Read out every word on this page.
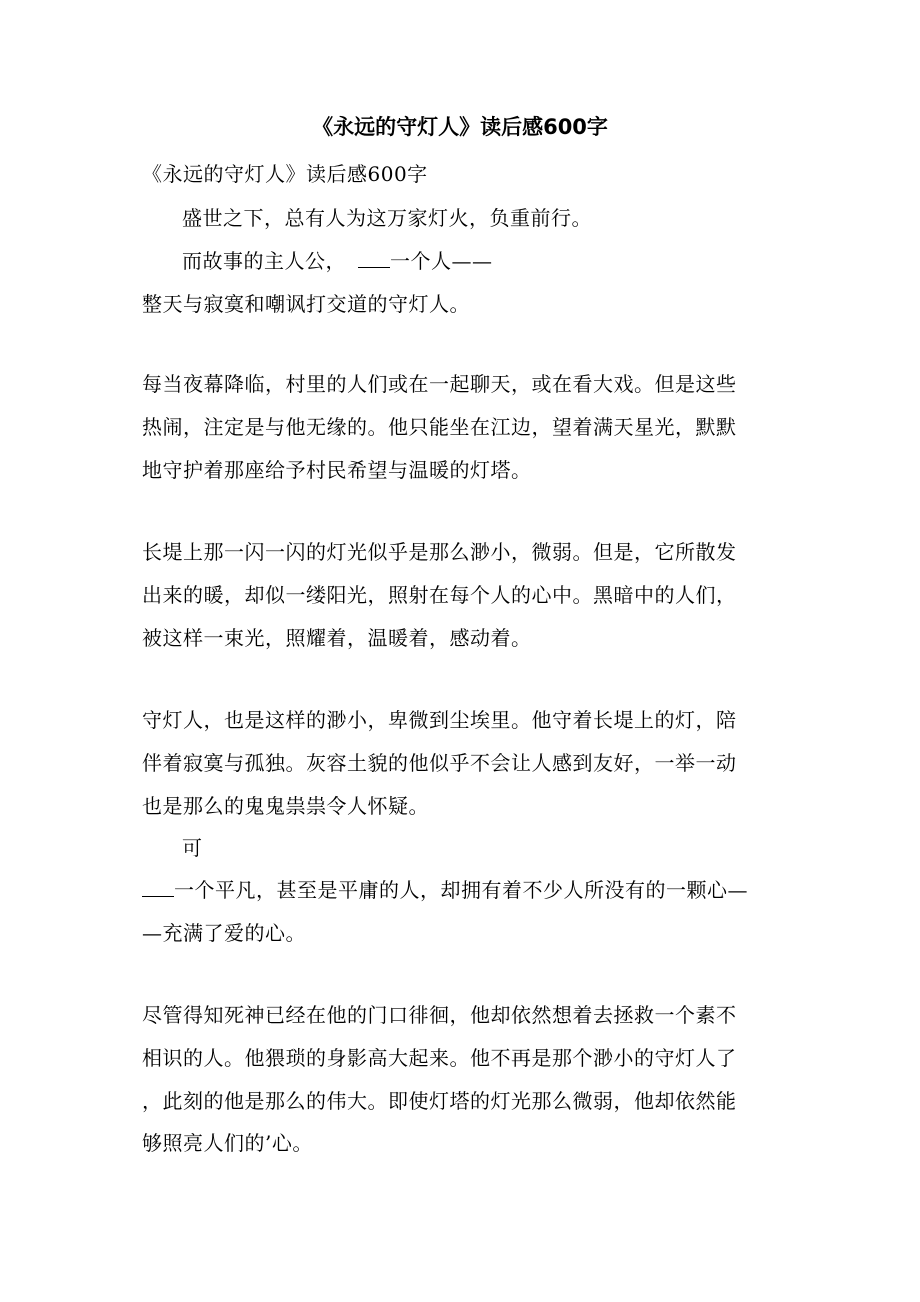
《永远的守灯人》读后感600字
《永远的守灯人》读后感600字
盛世之下，总有人为这万家灯火，负重前行。
而故事的主人公， 一个人——
整天与寂寞和嘲讽打交道的守灯人。
每当夜幕降临，村里的人们或在一起聊天，或在看大戏。但是这些
热闹，注定是与他无缘的。他只能坐在江边，望着满天星光，默默
地守护着那座给予村民希望与温暖的灯塔。
长堤上那一闪一闪的灯光似乎是那么渺小，微弱。但是，它所散发
出来的暖，却似一缕阳光，照射在每个人的心中。黑暗中的人们，
被这样一束光，照耀着，温暖着，感动着。
守灯人，也是这样的渺小，卑微到尘埃里。他守着长堤上的灯，陪
伴着寂寞与孤独。灰容土貌的他似乎不会让人感到友好，一举一动
也是那么的鬼鬼祟祟令人怀疑。
可
一个平凡，甚至是平庸的人，却拥有着不少人所没有的一颗心—
—充满了爱的心。
尽管得知死神已经在他的门口徘徊，他却依然想着去拯救一个素不
相识的人。他猥琐的身影高大起来。他不再是那个渺小的守灯人了
，此刻的他是那么的伟大。即使灯塔的灯光那么微弱，他却依然能
够照亮人们的’心。
